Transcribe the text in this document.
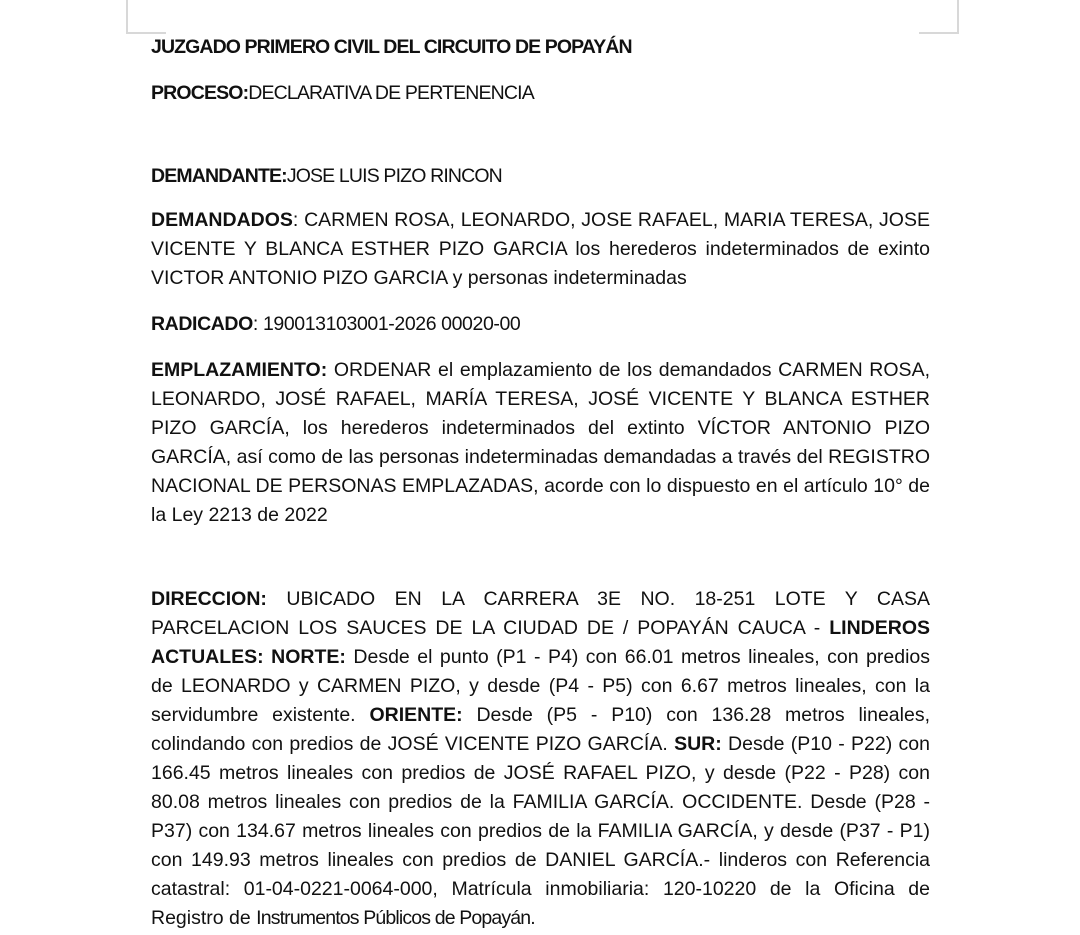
JUZGADO PRIMERO CIVIL DEL CIRCUITO DE POPAYÁN

PROCESO:DECLARATIVA DE PERTENENCIA

DEMANDANTE:JOSE LUIS PIZO RINCON

DEMANDADOS: CARMEN ROSA, LEONARDO, JOSE RAFAEL, MARIA TERESA, JOSE VICENTE Y BLANCA ESTHER PIZO GARCIA los herederos indeterminados de exinto VICTOR ANTONIO PIZO GARCIA y personas indeterminadas

RADICADO: 190013103001-2026 00020-00

EMPLAZAMIENTO: ORDENAR el emplazamiento de los demandados CARMEN ROSA, LEONARDO, JOSÉ RAFAEL, MARÍA TERESA, JOSÉ VICENTE Y BLANCA ESTHER PIZO GARCÍA, los herederos indeterminados del extinto VÍCTOR ANTONIO PIZO GARCÍA, así como de las personas indeterminadas demandadas a través del REGISTRO NACIONAL DE PERSONAS EMPLAZADAS, acorde con lo dispuesto en el artículo 10° de la Ley 2213 de 2022

DIRECCION: UBICADO EN LA CARRERA 3E NO. 18-251 LOTE Y CASA PARCELACION LOS SAUCES DE LA CIUDAD DE / POPAYÁN CAUCA - LINDEROS ACTUALES: NORTE: Desde el punto (P1 - P4) con 66.01 metros lineales, con predios de LEONARDO y CARMEN PIZO, y desde (P4 - P5) con 6.67 metros lineales, con la servidumbre existente. ORIENTE: Desde (P5 - P10) con 136.28 metros lineales, colindando con predios de JOSÉ VICENTE PIZO GARCÍA. SUR: Desde (P10 - P22) con 166.45 metros lineales con predios de JOSÉ RAFAEL PIZO, y desde (P22 - P28) con 80.08 metros lineales con predios de la FAMILIA GARCÍA. OCCIDENTE. Desde (P28 - P37) con 134.67 metros lineales con predios de la FAMILIA GARCÍA, y desde (P37 - P1) con 149.93 metros lineales con predios de DANIEL GARCÍA.- linderos con Referencia catastral: 01-04-0221-0064-000, Matrícula inmobiliaria: 120-10220 de la Oficina de Registro de Instrumentos Públicos de Popayán.
